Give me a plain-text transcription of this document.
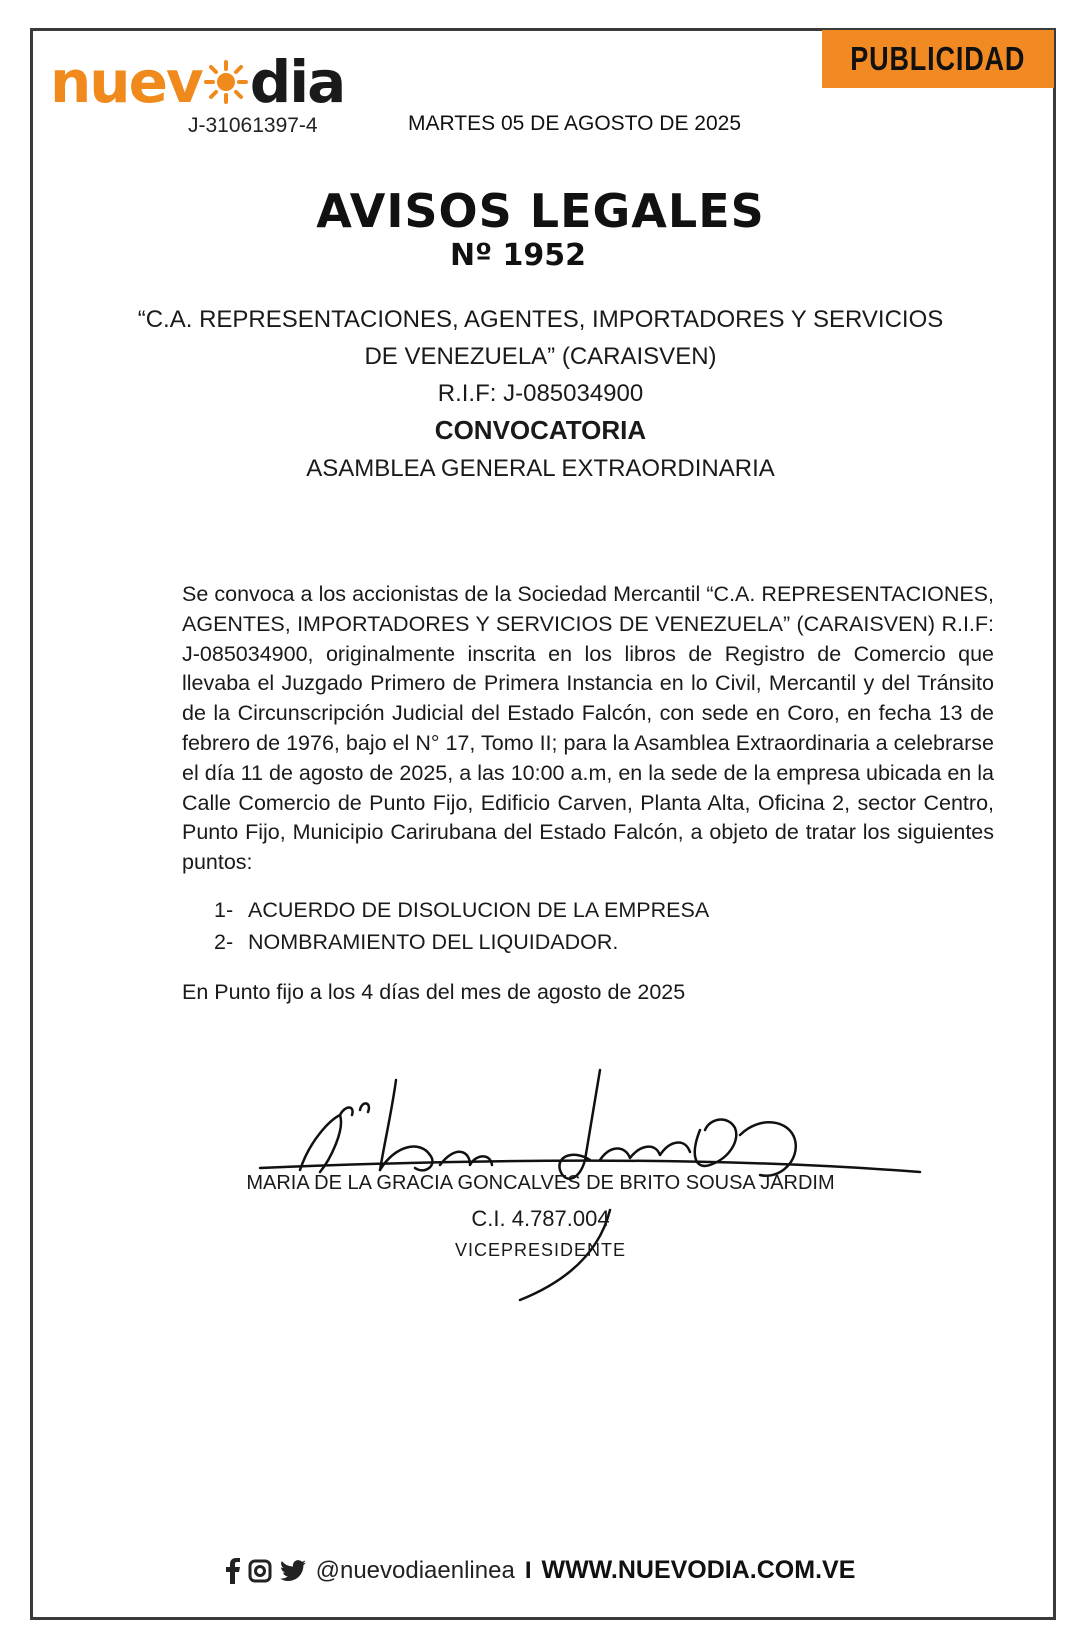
nuev dia
J-31061397-4	MARTES 05 DE AGOSTO DE 2025
PUBLICIDAD
AVISOS LEGALES
Nº 1952
“C.A. REPRESENTACIONES, AGENTES, IMPORTADORES Y SERVICIOS
DE VENEZUELA” (CARAISVEN)
R.I.F: J-085034900
CONVOCATORIA
ASAMBLEA GENERAL EXTRAORDINARIA
Se convoca a los accionistas de la Sociedad Mercantil “C.A. REPRESENTACIONES, AGENTES, IMPORTADORES Y SERVICIOS DE VENEZUELA” (CARAISVEN) R.I.F: J-085034900, originalmente inscrita en los libros de Registro de Comercio que llevaba el Juzgado Primero de Primera Instancia en lo Civil, Mercantil y del Tránsito de la Circunscripción Judicial del Estado Falcón, con sede en Coro, en fecha 13 de febrero de 1976, bajo el N° 17, Tomo II; para la Asamblea Extraordinaria a celebrarse el día 11 de agosto de 2025, a las 10:00 a.m, en la sede de la empresa ubicada en la Calle Comercio de Punto Fijo, Edificio Carven, Planta Alta, Oficina 2, sector Centro, Punto Fijo, Municipio Carirubana del Estado Falcón, a objeto de tratar los siguientes puntos:
1- ACUERDO DE DISOLUCION DE LA EMPRESA
2- NOMBRAMIENTO DEL LIQUIDADOR.
En Punto fijo a los 4 días del mes de agosto de 2025
MARIA DE LA GRACIA GONCALVES DE BRITO SOUSA JARDIM
C.I. 4.787.004
VICEPRESIDENTE
@nuevodiaenlinea I WWW.NUEVODIA.COM.VE
